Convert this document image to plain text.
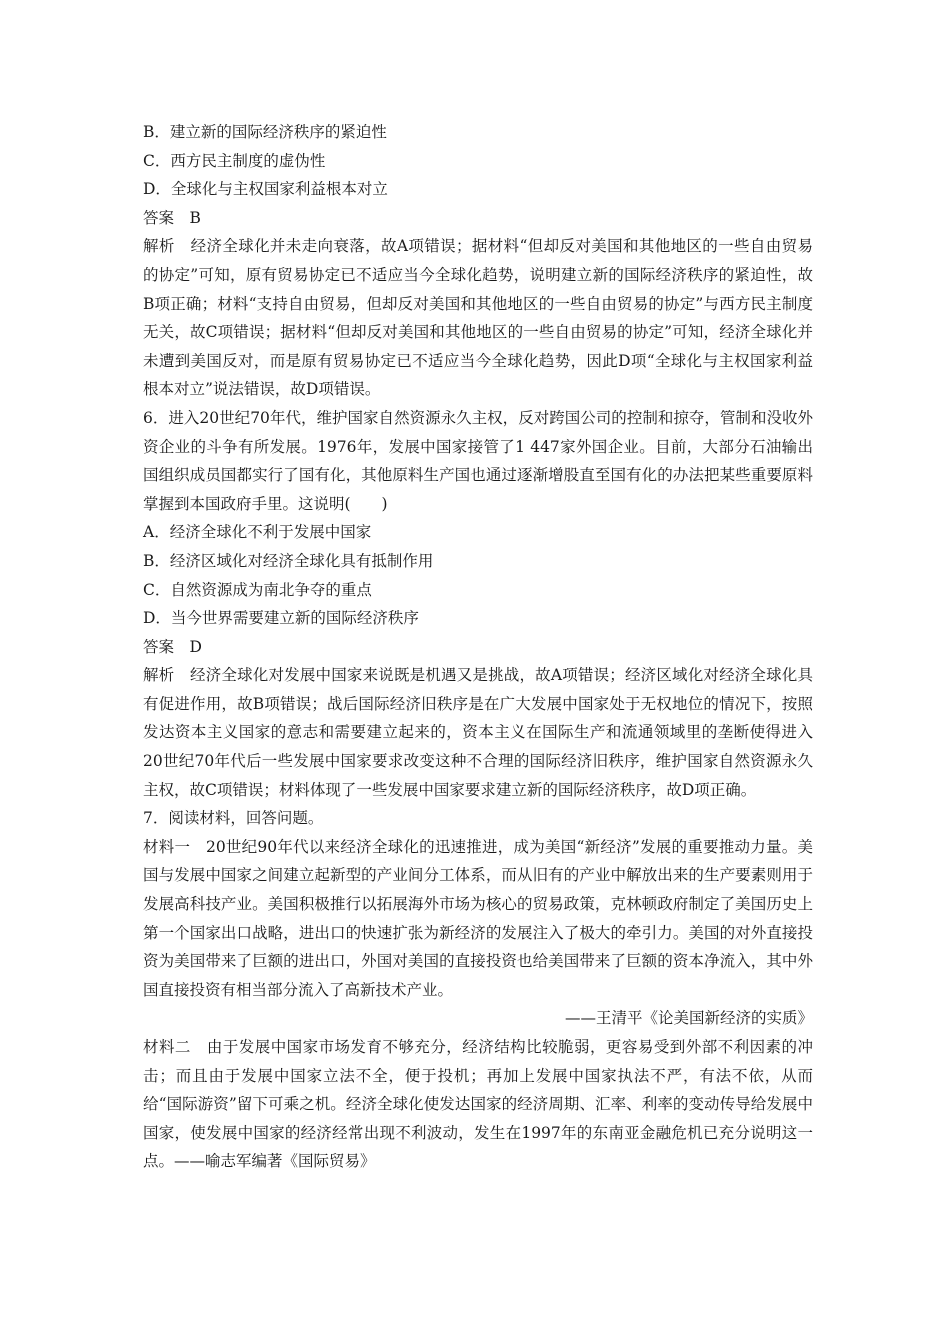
B．建立新的国际经济秩序的紧迫性

C．西方民主制度的虚伪性

D．全球化与主权国家利益根本对立

答案　B

解析　经济全球化并未走向衰落，故A项错误；据材料“但却反对美国和其他地区的一些自由贸易的协定”可知，原有贸易协定已不适应当今全球化趋势，说明建立新的国际经济秩序的紧迫性，故B项正确；材料“支持自由贸易，但却反对美国和其他地区的一些自由贸易的协定”与西方民主制度无关，故C项错误；据材料“但却反对美国和其他地区的一些自由贸易的协定”可知，经济全球化并未遭到美国反对，而是原有贸易协定已不适应当今全球化趋势，因此D项“全球化与主权国家利益根本对立”说法错误，故D项错误。

6．进入20世纪70年代，维护国家自然资源永久主权，反对跨国公司的控制和掠夺，管制和没收外资企业的斗争有所发展。1976年，发展中国家接管了1 447家外国企业。目前，大部分石油输出国组织成员国都实行了国有化，其他原料生产国也通过逐渐增股直至国有化的办法把某些重要原料掌握到本国政府手里。这说明(　　)

A．经济全球化不利于发展中国家

B．经济区域化对经济全球化具有抵制作用

C．自然资源成为南北争夺的重点

D．当今世界需要建立新的国际经济秩序

答案　D

解析　经济全球化对发展中国家来说既是机遇又是挑战，故A项错误；经济区域化对经济全球化具有促进作用，故B项错误；战后国际经济旧秩序是在广大发展中国家处于无权地位的情况下，按照发达资本主义国家的意志和需要建立起来的，资本主义在国际生产和流通领域里的垄断使得进入20世纪70年代后一些发展中国家要求改变这种不合理的国际经济旧秩序，维护国家自然资源永久主权，故C项错误；材料体现了一些发展中国家要求建立新的国际经济秩序，故D项正确。

7．阅读材料，回答问题。

材料一　20世纪90年代以来经济全球化的迅速推进，成为美国“新经济”发展的重要推动力量。美国与发展中国家之间建立起新型的产业间分工体系，而从旧有的产业中解放出来的生产要素则用于发展高科技产业。美国积极推行以拓展海外市场为核心的贸易政策，克林顿政府制定了美国历史上第一个国家出口战略，进出口的快速扩张为新经济的发展注入了极大的牵引力。美国的对外直接投资为美国带来了巨额的进出口，外国对美国的直接投资也给美国带来了巨额的资本净流入，其中外国直接投资有相当部分流入了高新技术产业。

——王清平《论美国新经济的实质》

材料二　由于发展中国家市场发育不够充分，经济结构比较脆弱，更容易受到外部不利因素的冲击；而且由于发展中国家立法不全，便于投机；再加上发展中国家执法不严，有法不依，从而给“国际游资”留下可乘之机。经济全球化使发达国家的经济周期、汇率、利率的变动传导给发展中国家，使发展中国家的经济经常出现不利波动，发生在1997年的东南亚金融危机已充分说明这一点。——喻志军编著《国际贸易》
